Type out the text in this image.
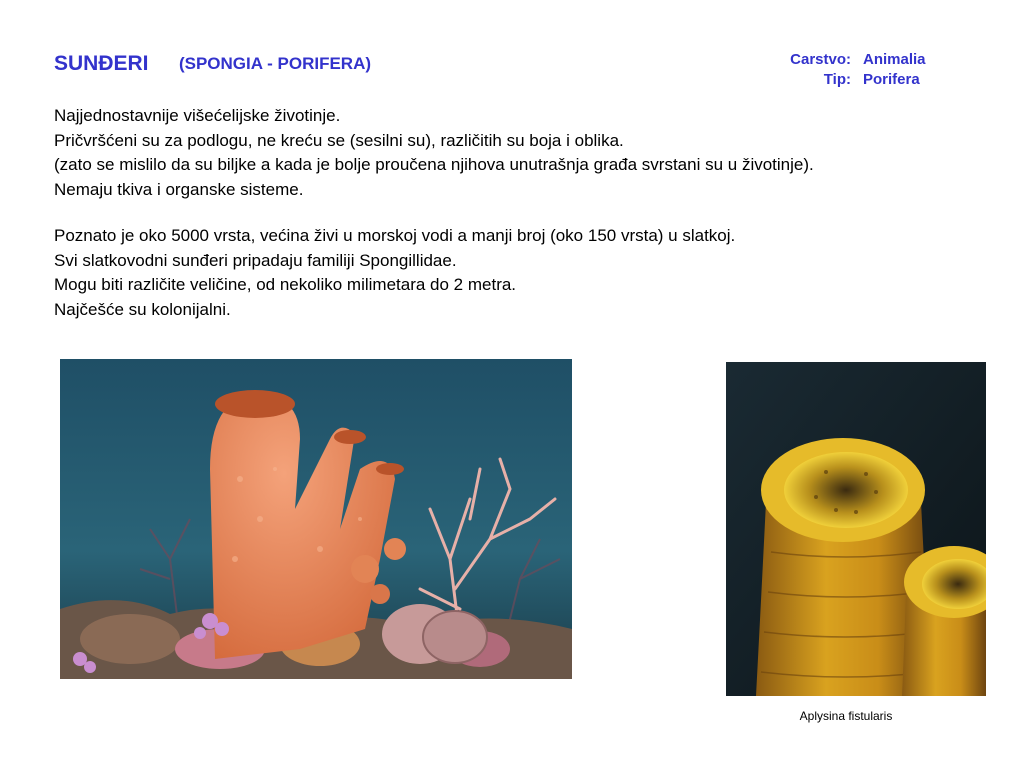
SUNĐERI (SPONGIA - PORIFERA)	Carstvo: Animalia
Tip: Porifera

Najjednostavnije višećelijske životinje.

Pričvršćeni su za podlogu, ne kreću se (sesilni su), različitih su boja i oblika.

(zato se mislilo da su biljke a kada je bolje proučena njihova unutrašnja građa svrstani su u životinje).

Nemaju tkiva i organske sisteme.

Poznato je oko 5000 vrsta, većina živi u morskoj vodi a manji broj (oko 150 vrsta) u slatkoj.

Svi slatkovodni sunđeri pripadaju familiji Spongillidae.

Mogu biti različite veličine, od nekoliko milimetara do 2 metra.

Najčešće su kolonijalni.

Aplysina fistularis
